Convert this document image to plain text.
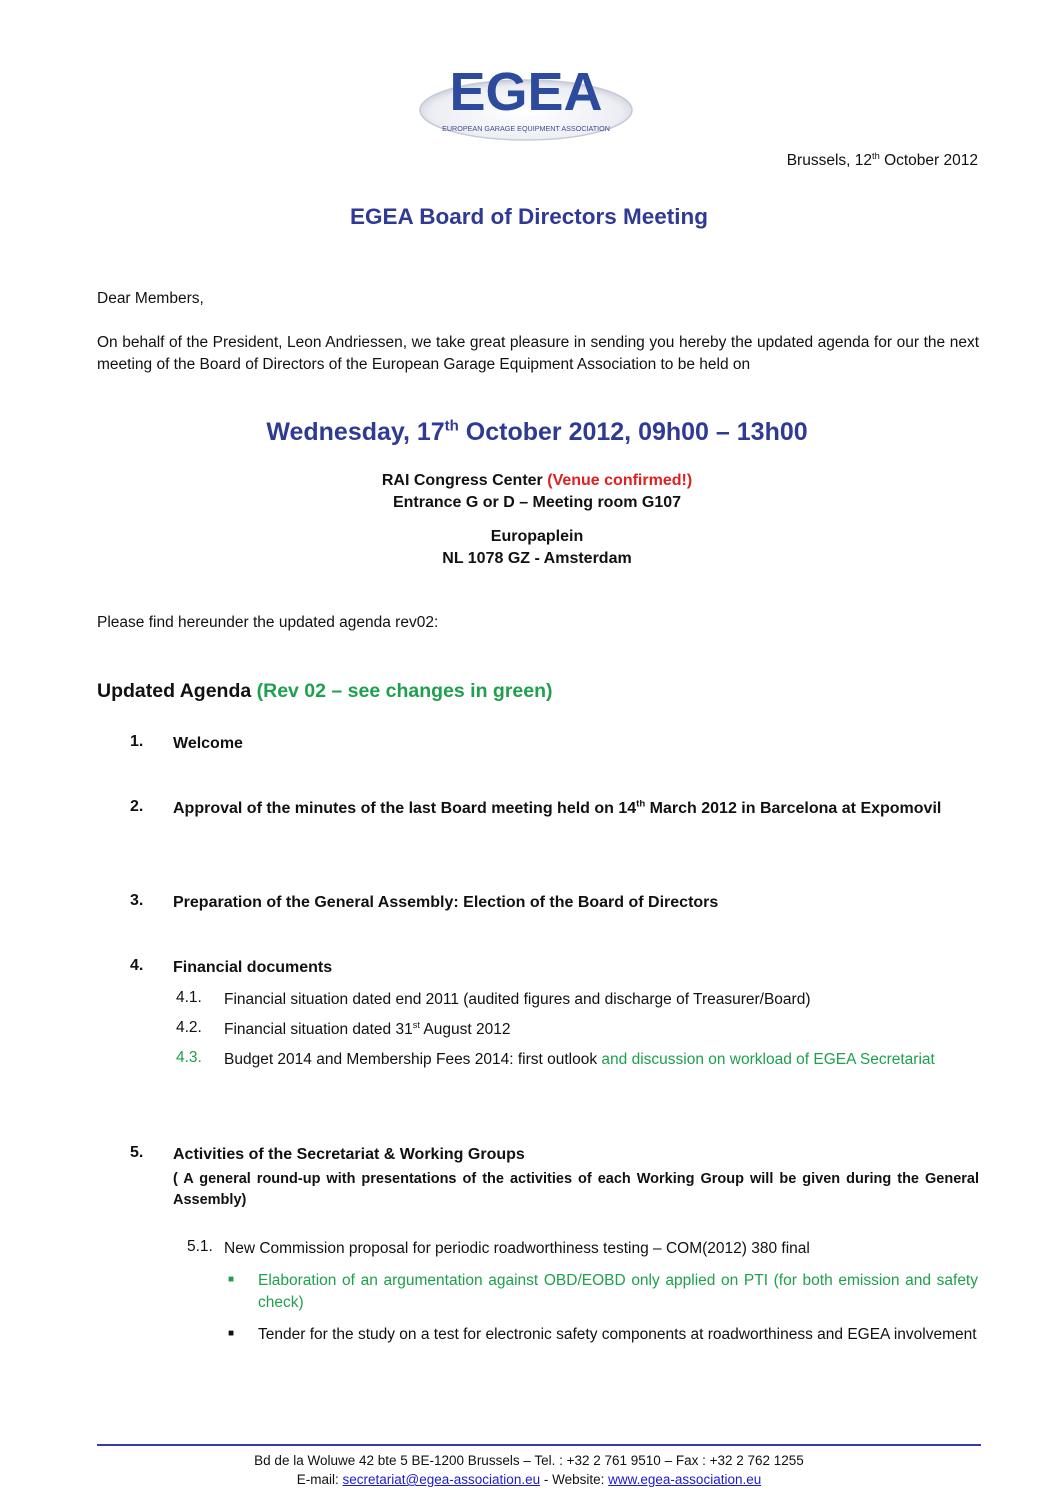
EGEA
EUROPEAN GARAGE EQUIPMENT ASSOCIATION
Brussels, 12th October 2012
EGEA Board of Directors Meeting
Dear Members,
On behalf of the President, Leon Andriessen, we take great pleasure in sending you hereby the updated agenda for our the next meeting of the Board of Directors of the European Garage Equipment Association to be held on
Wednesday, 17th October 2012, 09h00 – 13h00
RAI Congress Center (Venue confirmed!)
Entrance G or D – Meeting room G107
Europaplein
NL 1078 GZ - Amsterdam
Please find hereunder the updated agenda rev02:
Updated Agenda (Rev 02 – see changes in green)
1. Welcome
2. Approval of the minutes of the last Board meeting held on 14th March 2012 in Barcelona at Expomovil
3. Preparation of the General Assembly: Election of the Board of Directors
4. Financial documents
4.1. Financial situation dated end 2011 (audited figures and discharge of Treasurer/Board)
4.2. Financial situation dated 31st August 2012
4.3. Budget 2014 and Membership Fees 2014: first outlook and discussion on workload of EGEA Secretariat
5. Activities of the Secretariat & Working Groups
( A general round-up with presentations of the activities of each Working Group will be given during the General Assembly)
5.1. New Commission proposal for periodic roadworthiness testing – COM(2012) 380 final
■ Elaboration of an argumentation against OBD/EOBD only applied on PTI (for both emission and safety check)
■ Tender for the study on a test for electronic safety components at roadworthiness and EGEA involvement
Bd de la Woluwe 42 bte 5 BE-1200 Brussels – Tel. : +32 2 761 9510 – Fax : +32 2 762 1255
E-mail: secretariat@egea-association.eu - Website: www.egea-association.eu
